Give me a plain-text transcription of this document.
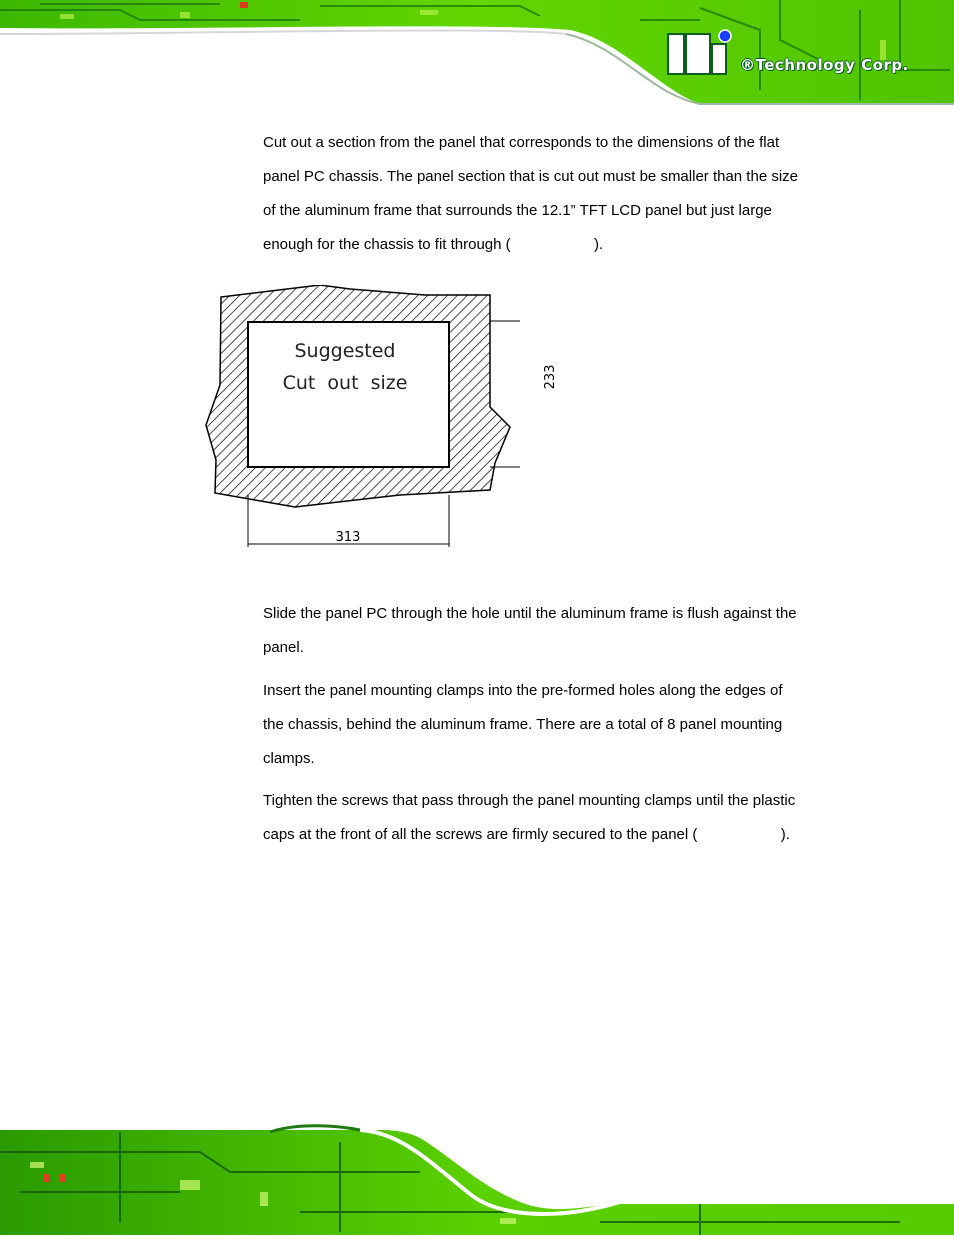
®Technology Corp.
Cut out a section from the panel that corresponds to the dimensions of the flat
panel PC chassis. The panel section that is cut out must be smaller than the size
of the aluminum frame that surrounds the 12.1” TFT LCD panel but just large
enough for the chassis to fit through (                    ).
Suggested
Cut  out  size
313
233
Slide the panel PC through the hole until the aluminum frame is flush against the
panel.
Insert the panel mounting clamps into the pre-formed holes along the edges of
the chassis, behind the aluminum frame. There are a total of 8 panel mounting
clamps.
Tighten the screws that pass through the panel mounting clamps until the plastic
caps at the front of all the screws are firmly secured to the panel (                    ).
